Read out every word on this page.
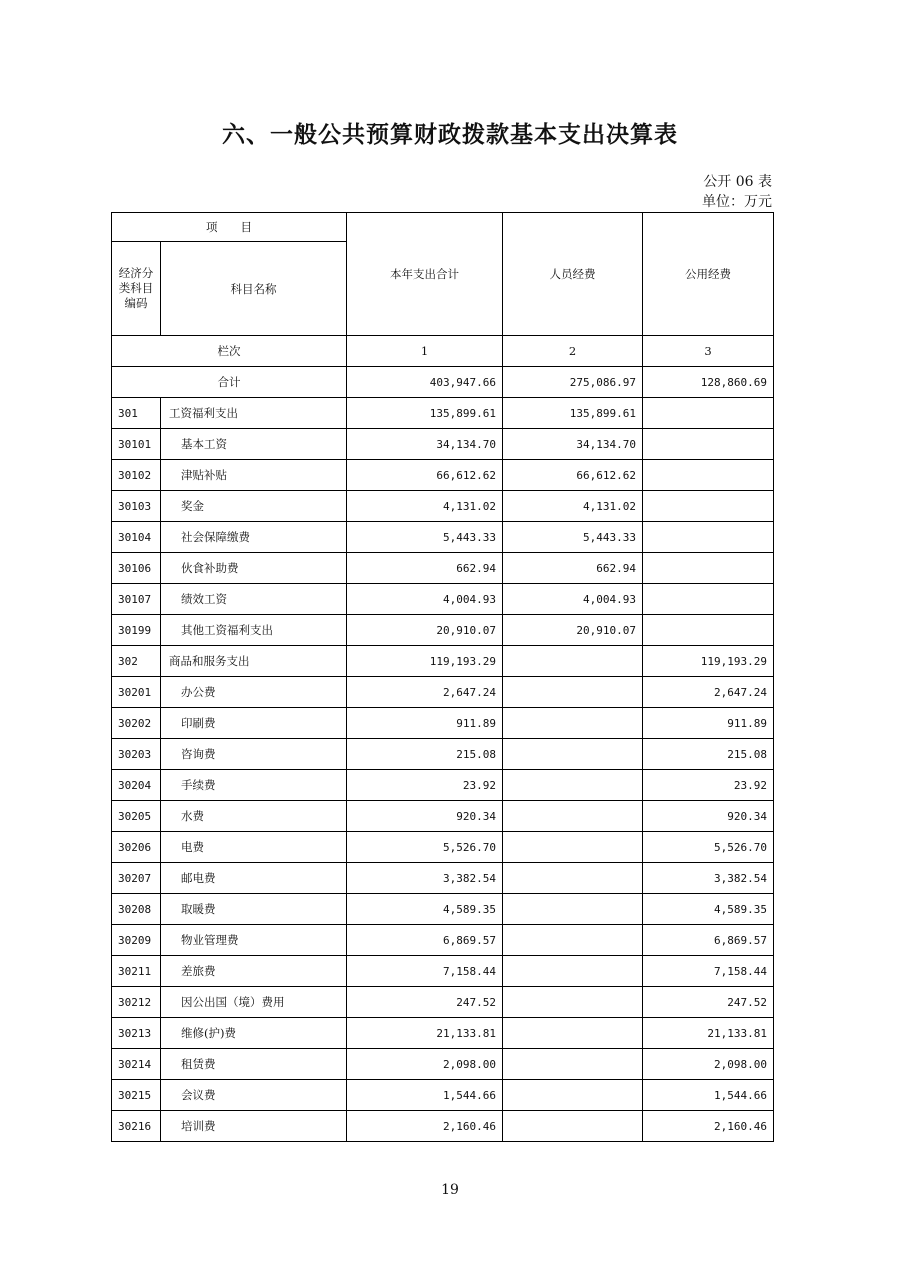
六、一般公共预算财政拨款基本支出决算表
公开 06 表
单位：万元
项　　目		本年支出合计	人员经费	公用经费
经济分类科目编码	科目名称			
栏次		1	2	3
合计		403,947.66	275,086.97	128,860.69
301	工资福利支出	135,899.61	135,899.61	
30101	基本工资	34,134.70	34,134.70	
30102	津贴补贴	66,612.62	66,612.62	
30103	奖金	4,131.02	4,131.02	
30104	社会保障缴费	5,443.33	5,443.33	
30106	伙食补助费	662.94	662.94	
30107	绩效工资	4,004.93	4,004.93	
30199	其他工资福利支出	20,910.07	20,910.07	
302	商品和服务支出	119,193.29		119,193.29
30201	办公费	2,647.24		2,647.24
30202	印刷费	911.89		911.89
30203	咨询费	215.08		215.08
30204	手续费	23.92		23.92
30205	水费	920.34		920.34
30206	电费	5,526.70		5,526.70
30207	邮电费	3,382.54		3,382.54
30208	取暖费	4,589.35		4,589.35
30209	物业管理费	6,869.57		6,869.57
30211	差旅费	7,158.44		7,158.44
30212	因公出国（境）费用	247.52		247.52
30213	维修(护)费	21,133.81		21,133.81
30214	租赁费	2,098.00		2,098.00
30215	会议费	1,544.66		1,544.66
30216	培训费	2,160.46		2,160.46
19
